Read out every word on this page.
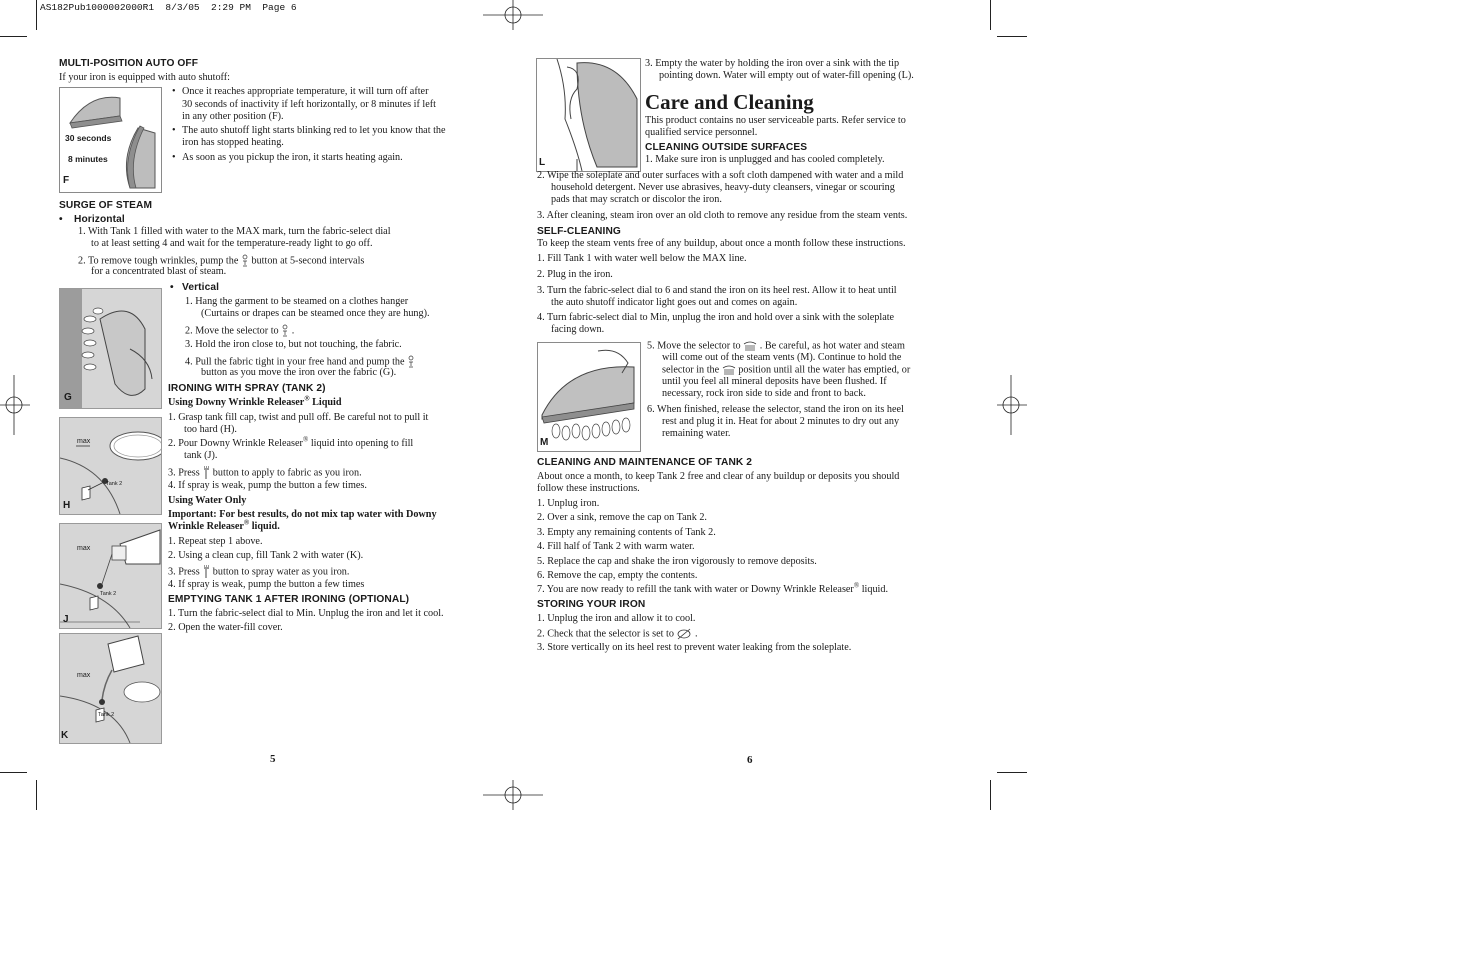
AS182Pub1000002000R1  8/3/05  2:29 PM  Page 6
MULTI-POSITION AUTO OFF
If your iron is equipped with auto shutoff:
30 seconds
8 minutes
F
• Once it reaches appropriate temperature, it will turn off after
30 seconds of inactivity if left horizontally, or 8 minutes if left
in any other position (F).
• The auto shutoff light starts blinking red to let you know that the
iron has stopped heating.
• As soon as you pickup the iron, it starts heating again.
SURGE OF STEAM
• Horizontal
1. With Tank 1 filled with water to the MAX mark, turn the fabric-select dial
to at least setting 4 and wait for the temperature-ready light to go off.
2. To remove tough wrinkles, pump the button at 5-second intervals
for a concentrated blast of steam.
G
• Vertical
1. Hang the garment to be steamed on a clothes hanger
(Curtains or drapes can be steamed once they are hung).
2. Move the selector to .
3. Hold the iron close to, but not touching, the fabric.
4. Pull the fabric tight in your free hand and pump the
button as you move the iron over the fabric (G).
IRONING WITH SPRAY (TANK 2)
Using Downy Wrinkle Releaser® Liquid
max
Tank 2
H
1. Grasp tank fill cap, twist and pull off. Be careful not to pull it
too hard (H).
2. Pour Downy Wrinkle Releaser® liquid into opening to fill
tank (J).
3. Press button to apply to fabric as you iron.
4. If spray is weak, pump the button a few times.
Using Water Only
Important: For best results, do not mix tap water with Downy
Wrinkle Releaser® liquid.
max
Tank 2
J
1. Repeat step 1 above.
2. Using a clean cup, fill Tank 2 with water (K).
3. Press button to spray water as you iron.
4. If spray is weak, pump the button a few times
EMPTYING TANK 1 AFTER IRONING (OPTIONAL)
1. Turn the fabric-select dial to Min. Unplug the iron and let it cool.
2. Open the water-fill cover.
max
Tank 2
K
5
L
3. Empty the water by holding the iron over a sink with the tip
pointing down. Water will empty out of water-fill opening (L).
Care and Cleaning
This product contains no user serviceable parts. Refer service to
qualified service personnel.
CLEANING OUTSIDE SURFACES
1. Make sure iron is unplugged and has cooled completely.
2. Wipe the soleplate and outer surfaces with a soft cloth dampened with water and a mild
household detergent. Never use abrasives, heavy-duty cleansers, vinegar or scouring
pads that may scratch or discolor the iron.
3. After cleaning, steam iron over an old cloth to remove any residue from the steam vents.
SELF-CLEANING
To keep the steam vents free of any buildup, about once a month follow these instructions.
1. Fill Tank 1 with water well below the MAX line.
2. Plug in the iron.
3. Turn the fabric-select dial to 6 and stand the iron on its heel rest. Allow it to heat until
the auto shutoff indicator light goes out and comes on again.
4. Turn fabric-select dial to Min, unplug the iron and hold over a sink with the soleplate
facing down.
M
5. Move the selector to . Be careful, as hot water and steam
will come out of the steam vents (M). Continue to hold the
selector in the position until all the water has emptied, or
until you feel all mineral deposits have been flushed. If
necessary, rock iron side to side and front to back.
6. When finished, release the selector, stand the iron on its heel
rest and plug it in. Heat for about 2 minutes to dry out any
remaining water.
CLEANING AND MAINTENANCE OF TANK 2
About once a month, to keep Tank 2 free and clear of any buildup or deposits you should
follow these instructions.
1. Unplug iron.
2. Over a sink, remove the cap on Tank 2.
3. Empty any remaining contents of Tank 2.
4. Fill half of Tank 2 with warm water.
5. Replace the cap and shake the iron vigorously to remove deposits.
6. Remove the cap, empty the contents.
7. You are now ready to refill the tank with water or Downy Wrinkle Releaser® liquid.
STORING YOUR IRON
1. Unplug the iron and allow it to cool.
2. Check that the selector is set to .
3. Store vertically on its heel rest to prevent water leaking from the soleplate.
6
